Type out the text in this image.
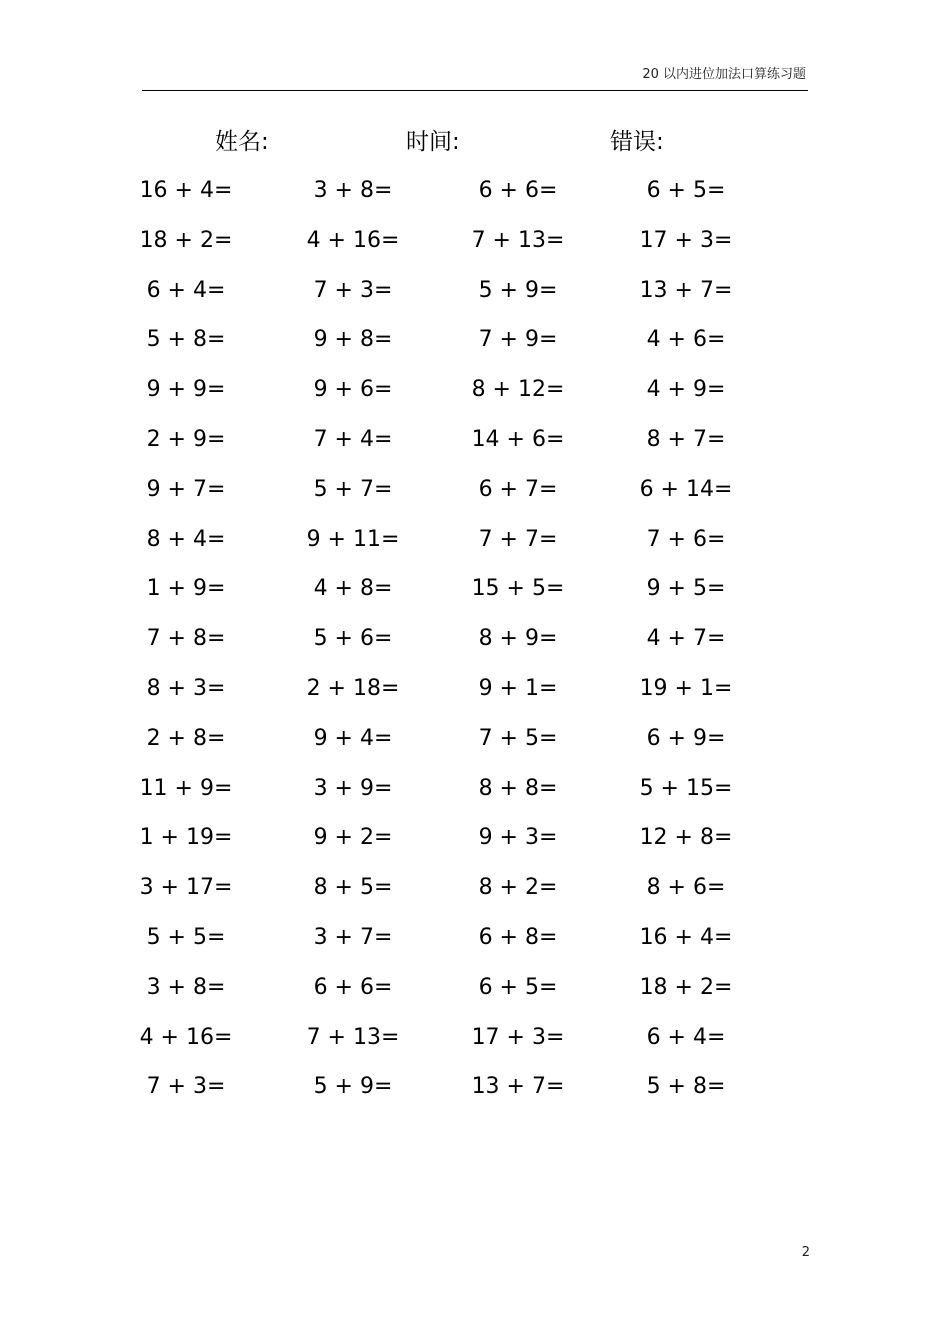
20 以内进位加法口算练习题
姓名:	时间:	错误:
16 + 4=	3 + 8=	6 + 6=	6 + 5=
18 + 2=	4 + 16=	7 + 13=	17 + 3=
6 + 4=	7 + 3=	5 + 9=	13 + 7=
5 + 8=	9 + 8=	7 + 9=	4 + 6=
9 + 9=	9 + 6=	8 + 12=	4 + 9=
2 + 9=	7 + 4=	14 + 6=	8 + 7=
9 + 7=	5 + 7=	6 + 7=	6 + 14=
8 + 4=	9 + 11=	7 + 7=	7 + 6=
1 + 9=	4 + 8=	15 + 5=	9 + 5=
7 + 8=	5 + 6=	8 + 9=	4 + 7=
8 + 3=	2 + 18=	9 + 1=	19 + 1=
2 + 8=	9 + 4=	7 + 5=	6 + 9=
11 + 9=	3 + 9=	8 + 8=	5 + 15=
1 + 19=	9 + 2=	9 + 3=	12 + 8=
3 + 17=	8 + 5=	8 + 2=	8 + 6=
5 + 5=	3 + 7=	6 + 8=	16 + 4=
3 + 8=	6 + 6=	6 + 5=	18 + 2=
4 + 16=	7 + 13=	17 + 3=	6 + 4=
7 + 3=	5 + 9=	13 + 7=	5 + 8=
2
